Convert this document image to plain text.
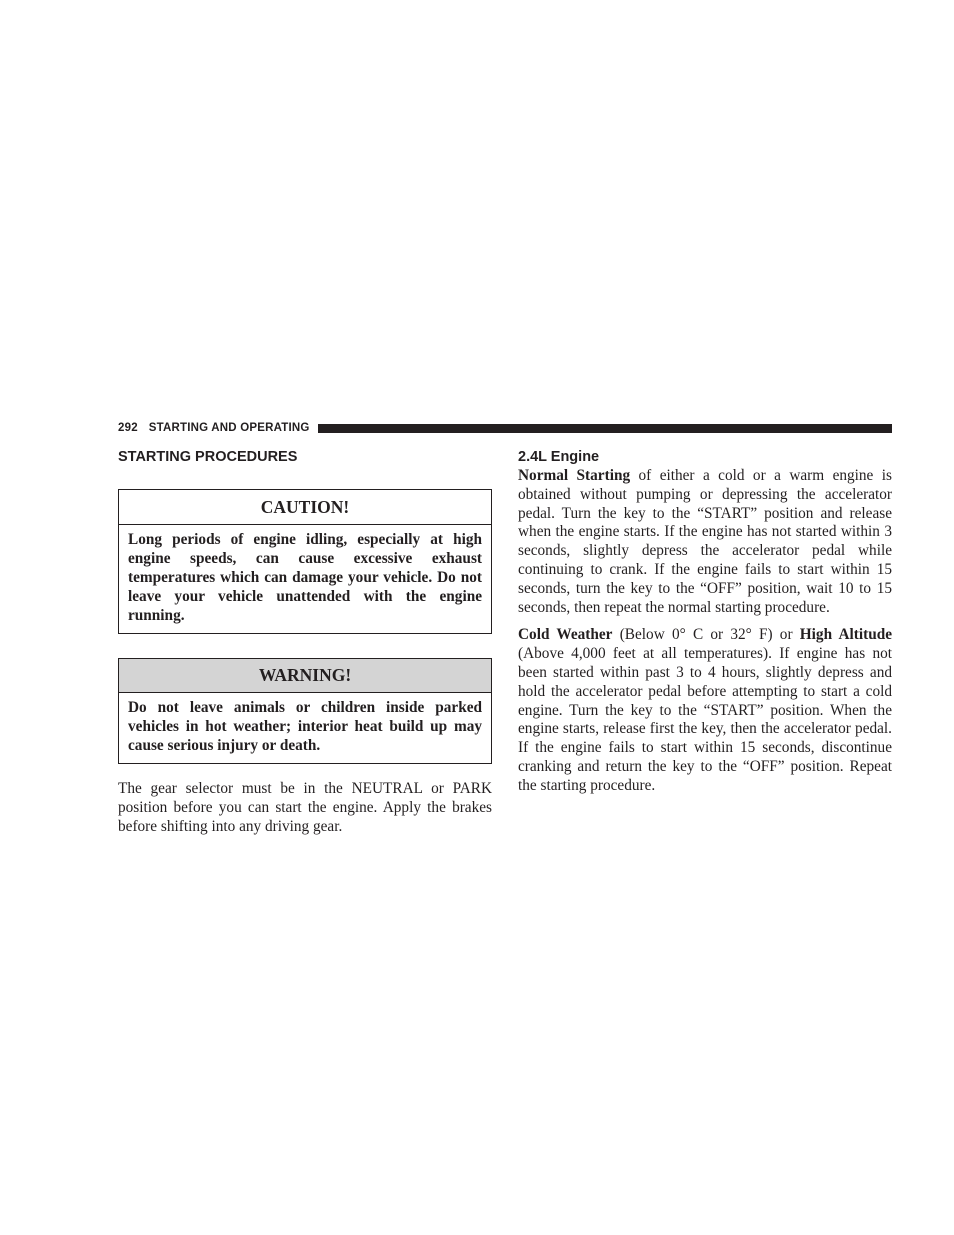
292 STARTING AND OPERATING
STARTING PROCEDURES
CAUTION!
Long periods of engine idling, especially at high engine speeds, can cause excessive exhaust temperatures which can damage your vehicle. Do not leave your vehicle unattended with the engine running.
WARNING!
Do not leave animals or children inside parked vehicles in hot weather; interior heat build up may cause serious injury or death.

The gear selector must be in the NEUTRAL or PARK position before you can start the engine. Apply the brakes before shifting into any driving gear.

2.4L Engine

Normal Starting of either a cold or a warm engine is obtained without pumping or depressing the accelerator pedal. Turn the key to the “START” position and release when the engine starts. If the engine has not started within 3 seconds, slightly depress the accelerator pedal while continuing to crank. If the engine fails to start within 15 seconds, turn the key to the “OFF” position, wait 10 to 15 seconds, then repeat the normal starting procedure.

Cold Weather (Below 0° C or 32° F) or High Altitude (Above 4,000 feet at all temperatures). If engine has not been started within past 3 to 4 hours, slightly depress and hold the accelerator pedal before attempting to start a cold engine. Turn the key to the “START” position. When the engine starts, release first the key, then the accelerator pedal. If the engine fails to start within 15 seconds, discontinue cranking and return the key to the “OFF” position. Repeat the starting procedure.
